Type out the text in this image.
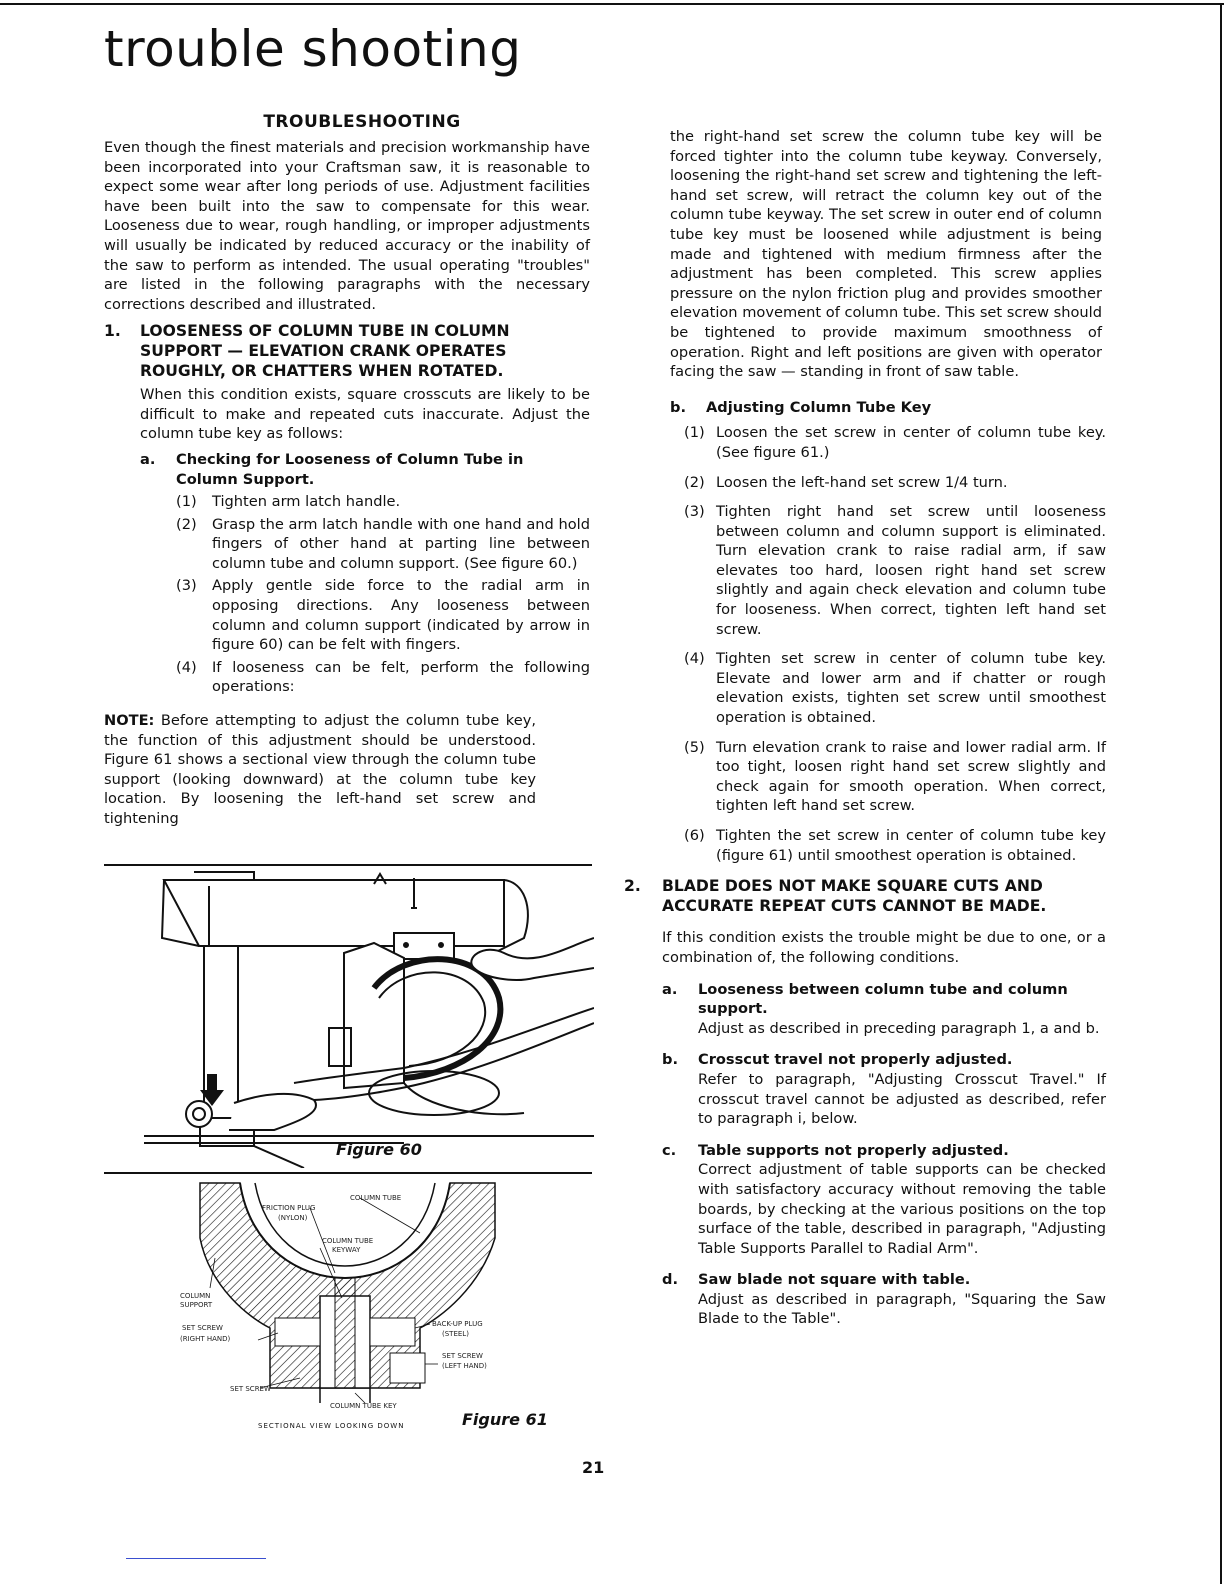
trouble shooting
TROUBLESHOOTING

Even though the finest materials and precision workmanship have been incorporated into your Craftsman saw, it is reasonable to expect some wear after long periods of use. Adjustment facilities have been built into the saw to compensate for this wear. Looseness due to wear, rough handling, or improper adjustments will usually be indicated by reduced accuracy or the inability of the saw to perform as intended. The usual operating "troubles" are listed in the following paragraphs with the necessary corrections described and illustrated.

1.	LOOSENESS OF COLUMN TUBE IN COLUMN SUPPORT — ELEVATION CRANK OPERATES ROUGHLY, OR CHATTERS WHEN ROTATED.

When this condition exists, square crosscuts are likely to be difficult to make and repeated cuts inaccurate. Adjust the column tube key as follows:

a.	Checking for Looseness of Column Tube in Column Support.
(1)	Tighten arm latch handle.
(2)	Grasp the arm latch handle with one hand and hold fingers of other hand at parting line between column tube and column support. (See figure 60.)
(3)	Apply gentle side force to the radial arm in opposing directions. Any looseness between column and column support (indicated by arrow in figure 60) can be felt with fingers.
(4)	If looseness can be felt, perform the following operations:
NOTE: Before attempting to adjust the column tube key, the function of this adjustment should be understood. Figure 61 shows a sectional view through the column tube support (looking downward) at the column tube key location. By loosening the left-hand set screw and tightening
Figure 60
FRICTION PLUG
(NYLON)
COLUMN TUBE
COLUMN TUBE
KEYWAY
COLUMN
SUPPORT
SET SCREW
(RIGHT HAND)
BACK-UP PLUG
(STEEL)
SET SCREW
(LEFT HAND)
SET SCREW
COLUMN TUBE KEY
SECTIONAL VIEW LOOKING DOWN	Figure 61

the right-hand set screw the column tube key will be forced tighter into the column tube keyway. Conversely, loosening the right-hand set screw and tightening the left-hand set screw, will retract the column key out of the column tube keyway. The set screw in outer end of column tube key must be loosened while adjustment is being made and tightened with medium firmness after the adjustment has been completed. This screw applies pressure on the nylon friction plug and provides smoother elevation movement of column tube. This set screw should be tightened to provide maximum smoothness of operation. Right and left positions are given with operator facing the saw — standing in front of saw table.

b.	Adjusting Column Tube Key
(1) Loosen the set screw in center of column tube key. (See figure 61.)
(2) Loosen the left-hand set screw 1/4 turn.
(3) Tighten right hand set screw until looseness between column and column support is eliminated. Turn elevation crank to raise radial arm, if saw elevates too hard, loosen right hand set screw slightly and again check elevation and column tube for looseness. When correct, tighten left hand set screw.
(4) Tighten set screw in center of column tube key. Elevate and lower arm and if chatter or rough elevation exists, tighten set screw until smoothest operation is obtained.
(5) Turn elevation crank to raise and lower radial arm. If too tight, loosen right hand set screw slightly and check again for smooth operation. When correct, tighten left hand set screw.
(6) Tighten the set screw in center of column tube key (figure 61) until smoothest operation is obtained.
2.	BLADE DOES NOT MAKE SQUARE CUTS AND ACCURATE REPEAT CUTS CANNOT BE MADE.

If this condition exists the trouble might be due to one, or a combination of, the following conditions.

a.	Looseness between column tube and column support.

Adjust as described in preceding paragraph 1, a and b.

b.	Crosscut travel not properly adjusted.

Refer to paragraph, "Adjusting Crosscut Travel." If crosscut travel cannot be adjusted as described, refer to paragraph i, below.

c.	Table supports not properly adjusted.

Correct adjustment of table supports can be checked with satisfactory accuracy without removing the table boards, by checking at the various positions on the top surface of the table, described in paragraph, "Adjusting Table Supports Parallel to Radial Arm".

d.	Saw blade not square with table.

Adjust as described in paragraph, "Squaring the Saw Blade to the Table".

21
